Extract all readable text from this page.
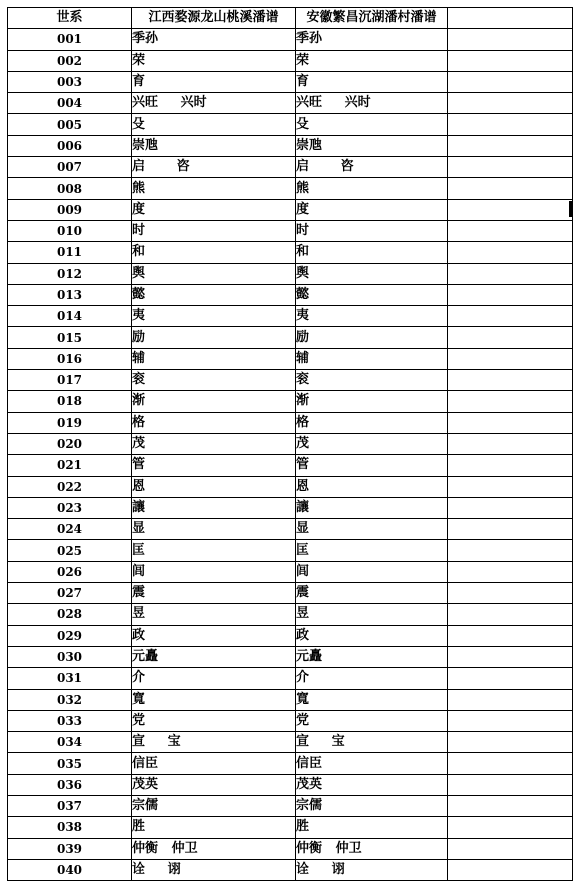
世系	江西婺源龙山桃溪潘谱	安徽繁昌沉湖潘村潘谱	
001	季孙	季孙	
002	荣	荣	
003	育	育	
004	兴旺     兴时	兴旺     兴时	
005	殳	殳	
006	崇虺	崇虺	
007	启       咨	启       咨	
008	熊	熊	
009	度	度	
010	时	时	
011	和	和	
012	舆	舆	
013	懿	懿	
014	夷	夷	
015	励	励	
016	辅	辅	
017	衮	衮	
018	渐	渐	
019	格	格	
020	茂	茂	
021	管	管	
022	恩	恩	
023	讓	讓	
024	显	显	
025	匡	匡	
026	闾	闾	
027	震	震	
028	昱	昱	
029	政	政	
030	元矗	元矗	
031	介	介	
032	寬	寬	
033	党	党	
034	宣     宝	宣     宝	
035	信臣	信臣	
036	茂英	茂英	
037	宗儒	宗儒	
038	胜	胜	
039	仲衡   仲卫	仲衡   仲卫	
040	诠     诩	诠     诩	
